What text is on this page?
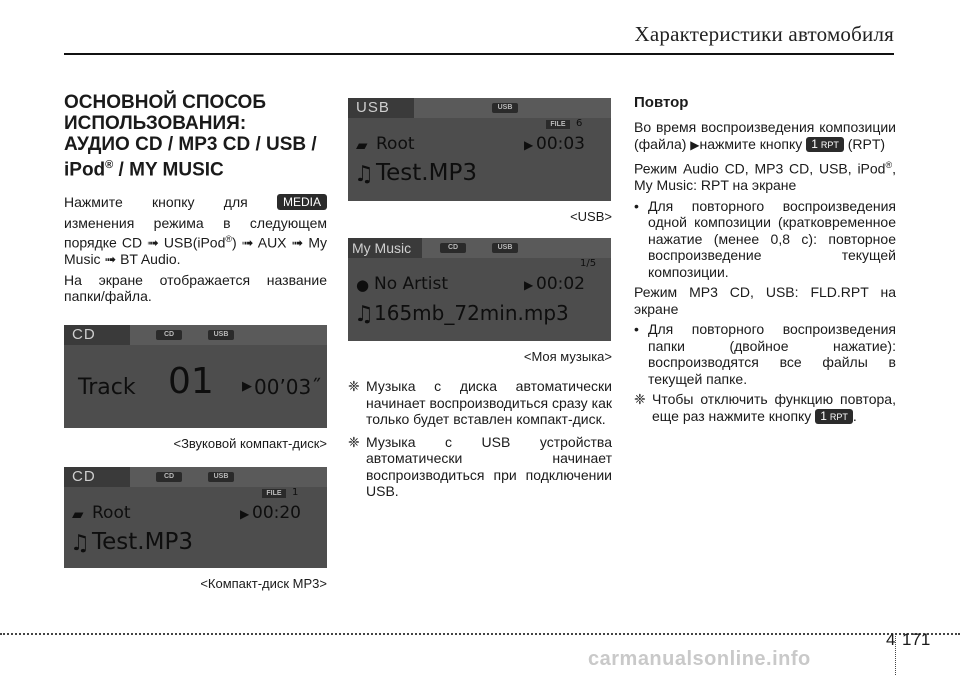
Характеристики автомобиля
ОСНОВНОЙ СПОСОБ
ИСПОЛЬЗОВАНИЯ:
АУДИО CD / MP3 CD / USB /
iPod® / MY MUSIC

Нажмите кнопку для	MEDIA

изменения режима в следующем порядке CD ➟ USB(iPod®) ➟ AUX ➟ My Music ➟ BT Audio.

На экране отображается название папки/файла.

CD	CD	USB
Track 01 ▶ 00’03˝
<Звуковой компакт-диск>
CD	CD	USB
FILE	1
▰ Root	▶ 00:20
♫ Test.MP3
<Компакт-диск MP3>
USB	USB
FILE	6
▰ Root	▶ 00:03
♫ Test.MP3
<USB>
My Music	CD	USB
1/5
● No Artist	▶ 00:02
♫ 165mb_72min.mp3
<Моя музыка>

❈ Музыка с диска автоматически начинает воспроизводиться сразу как только будет вставлен компакт-диск.

❈ Музыка с USB устройства автоматически начинает воспроизводиться при подключении USB.

Повтор

Во время воспроизведения композиции (файла) ▶нажмите кнопку 1 RPT (RPT)

Режим Audio CD, MP3 CD, USB, iPod®, My Music: RPT на экране

• Для повторного воспроизведения одной композиции (кратковременное нажатие (менее 0,8 с): повторное воспроизведение текущей композиции.

Режим MP3 CD, USB: FLD.RPT на экране

• Для повторного воспроизведения папки (двойное нажатие): воспроизводятся все файлы в текущей папке.

❈ Чтобы отключить функцию повтора, еще раз нажмите кнопку 1 RPT .

4 171
carmanualsonline.info
